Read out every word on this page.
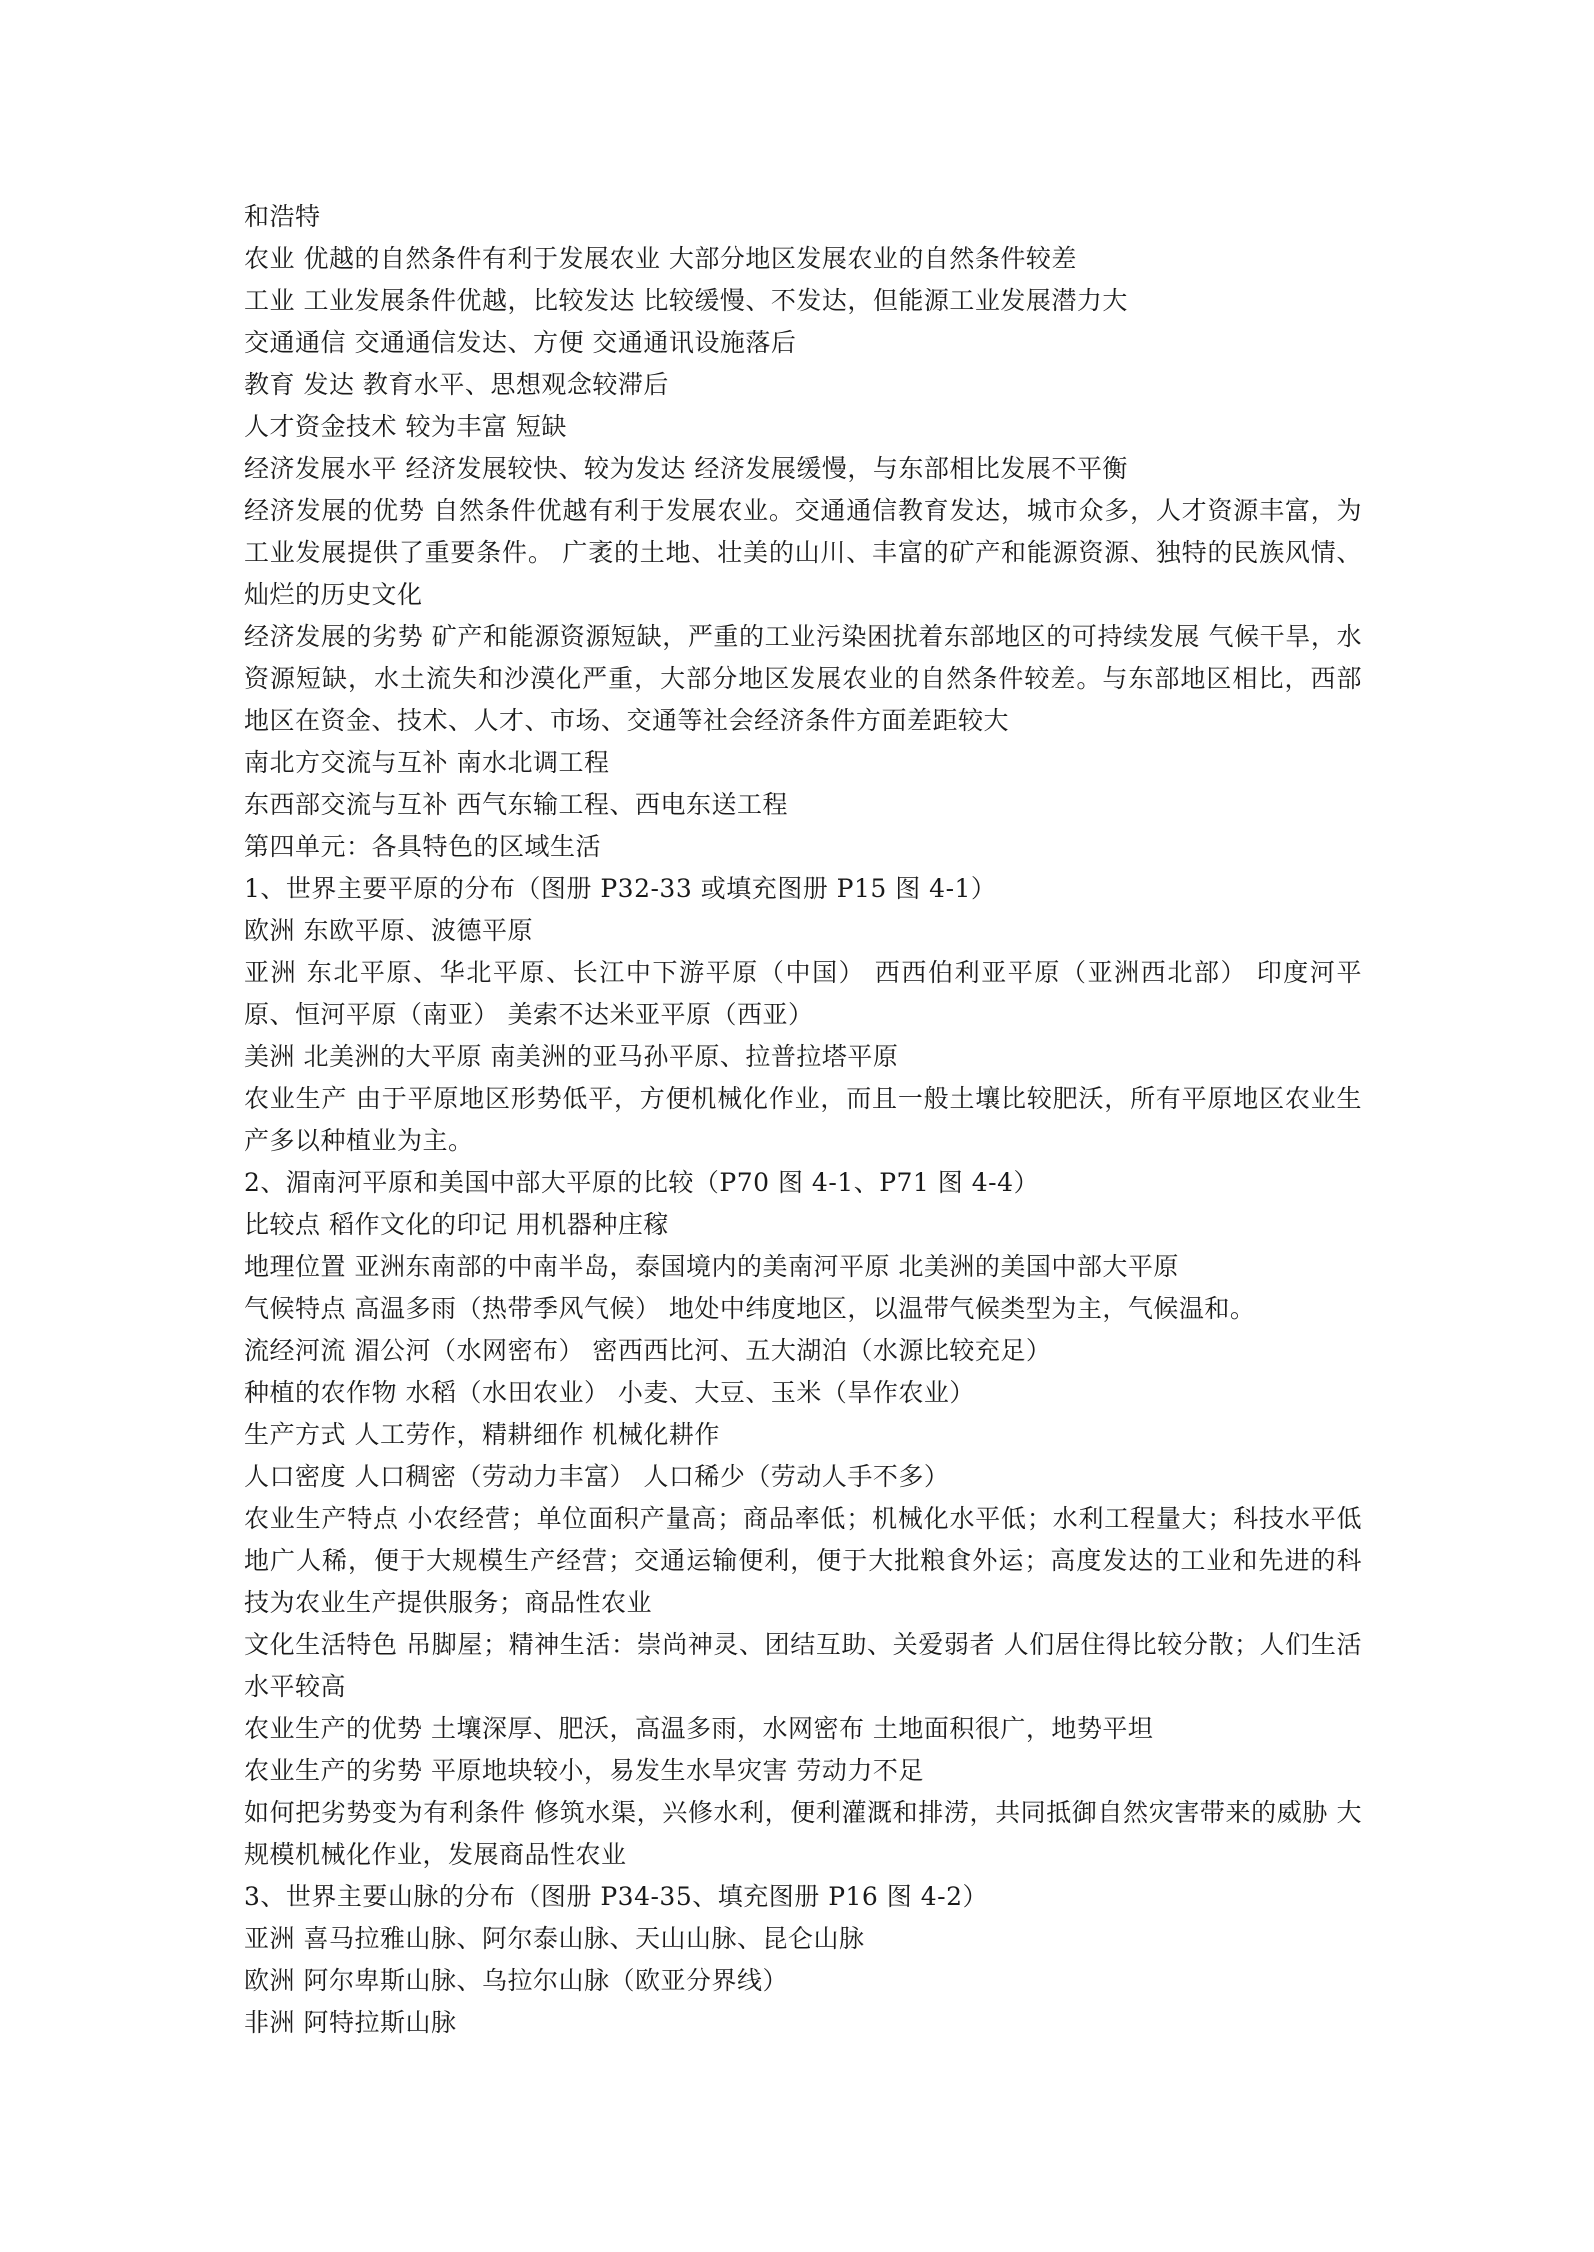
和浩特

农业 优越的自然条件有利于发展农业 大部分地区发展农业的自然条件较差

工业 工业发展条件优越，比较发达 比较缓慢、不发达，但能源工业发展潜力大

交通通信 交通通信发达、方便 交通通讯设施落后

教育 发达 教育水平、思想观念较滞后

人才资金技术 较为丰富 短缺

经济发展水平 经济发展较快、较为发达 经济发展缓慢，与东部相比发展不平衡

经济发展的优势 自然条件优越有利于发展农业。交通通信教育发达，城市众多，人才资源丰富，为工业发展提供了重要条件。 广袤的土地、壮美的山川、丰富的矿产和能源资源、独特的民族风情、灿烂的历史文化

经济发展的劣势 矿产和能源资源短缺，严重的工业污染困扰着东部地区的可持续发展 气候干旱，水资源短缺，水土流失和沙漠化严重，大部分地区发展农业的自然条件较差。与东部地区相比，西部地区在资金、技术、人才、市场、交通等社会经济条件方面差距较大

南北方交流与互补 南水北调工程

东西部交流与互补 西气东输工程、西电东送工程

第四单元：各具特色的区域生活

1、世界主要平原的分布（图册 P32-33 或填充图册 P15 图 4-1）

欧洲 东欧平原、波德平原

亚洲 东北平原、华北平原、长江中下游平原（中国） 西西伯利亚平原（亚洲西北部） 印度河平原、恒河平原（南亚） 美索不达米亚平原（西亚）

美洲 北美洲的大平原 南美洲的亚马孙平原、拉普拉塔平原

农业生产 由于平原地区形势低平，方便机械化作业，而且一般土壤比较肥沃，所有平原地区农业生产多以种植业为主。

2、湄南河平原和美国中部大平原的比较（P70 图 4-1、P71 图 4-4）

比较点 稻作文化的印记 用机器种庄稼

地理位置 亚洲东南部的中南半岛，泰国境内的美南河平原 北美洲的美国中部大平原

气候特点 高温多雨（热带季风气候） 地处中纬度地区，以温带气候类型为主，气候温和。

流经河流 湄公河（水网密布） 密西西比河、五大湖泊（水源比较充足）

种植的农作物 水稻（水田农业） 小麦、大豆、玉米（旱作农业）

生产方式 人工劳作，精耕细作 机械化耕作

人口密度 人口稠密（劳动力丰富） 人口稀少（劳动人手不多）

农业生产特点 小农经营；单位面积产量高；商品率低；机械化水平低；水利工程量大；科技水平低 地广人稀，便于大规模生产经营；交通运输便利，便于大批粮食外运；高度发达的工业和先进的科技为农业生产提供服务；商品性农业

文化生活特色 吊脚屋；精神生活：崇尚神灵、团结互助、关爱弱者 人们居住得比较分散；人们生活水平较高

农业生产的优势 土壤深厚、肥沃，高温多雨，水网密布 土地面积很广，地势平坦

农业生产的劣势 平原地块较小，易发生水旱灾害 劳动力不足

如何把劣势变为有利条件 修筑水渠，兴修水利，便利灌溉和排涝，共同抵御自然灾害带来的威胁 大规模机械化作业，发展商品性农业

3、世界主要山脉的分布（图册 P34-35、填充图册 P16 图 4-2）

亚洲 喜马拉雅山脉、阿尔泰山脉、天山山脉、昆仑山脉

欧洲 阿尔卑斯山脉、乌拉尔山脉（欧亚分界线）

非洲 阿特拉斯山脉
